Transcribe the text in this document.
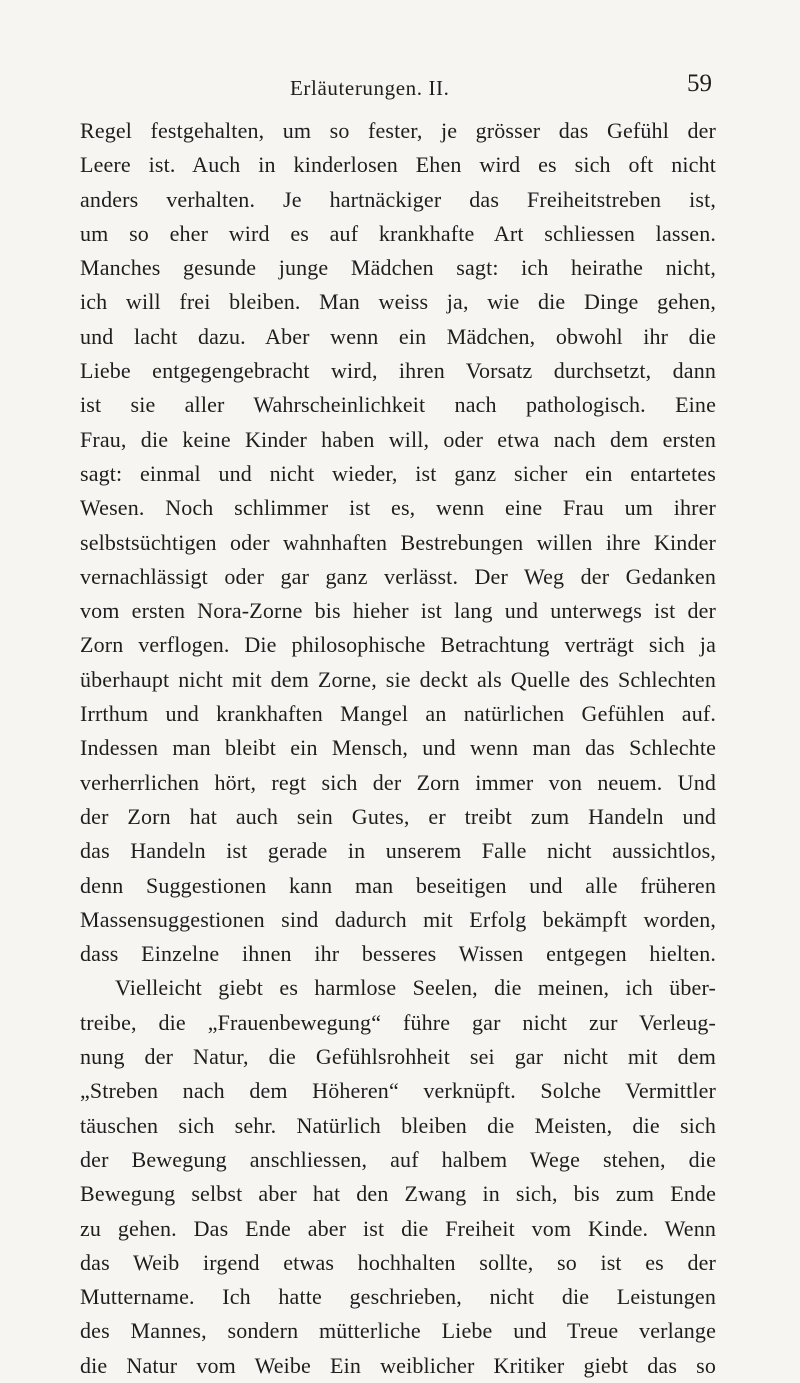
Erläuterungen. II.	59
Regel festgehalten, um so fester, je grösser das Gefühl der
Leere ist. Auch in kinderlosen Ehen wird es sich oft nicht
anders verhalten. Je hartnäckiger das Freiheitstreben ist,
um so eher wird es auf krankhafte Art schliessen lassen.
Manches gesunde junge Mädchen sagt: ich heirathe nicht,
ich will frei bleiben. Man weiss ja, wie die Dinge gehen,
und lacht dazu. Aber wenn ein Mädchen, obwohl ihr die
Liebe entgegengebracht wird, ihren Vorsatz durchsetzt, dann
ist sie aller Wahrscheinlichkeit nach pathologisch. Eine
Frau, die keine Kinder haben will, oder etwa nach dem ersten
sagt: einmal und nicht wieder, ist ganz sicher ein entartetes
Wesen. Noch schlimmer ist es, wenn eine Frau um ihrer
selbstsüchtigen oder wahnhaften Bestrebungen willen ihre Kinder
vernachlässigt oder gar ganz verlässt. Der Weg der Gedanken
vom ersten Nora-Zorne bis hieher ist lang und unterwegs ist der
Zorn verflogen. Die philosophische Betrachtung verträgt sich ja
überhaupt nicht mit dem Zorne, sie deckt als Quelle des Schlechten
Irrthum und krankhaften Mangel an natürlichen Gefühlen auf.
Indessen man bleibt ein Mensch, und wenn man das Schlechte
verherrlichen hört, regt sich der Zorn immer von neuem. Und
der Zorn hat auch sein Gutes, er treibt zum Handeln und
das Handeln ist gerade in unserem Falle nicht aussichtlos,
denn Suggestionen kann man beseitigen und alle früheren
Massensuggestionen sind dadurch mit Erfolg bekämpft worden,
dass Einzelne ihnen ihr besseres Wissen entgegen hielten.
Vielleicht giebt es harmlose Seelen, die meinen, ich über-
treibe, die „Frauenbewegung“ führe gar nicht zur Verleug-
nung der Natur, die Gefühlsrohheit sei gar nicht mit dem
„Streben nach dem Höheren“ verknüpft. Solche Vermittler
täuschen sich sehr. Natürlich bleiben die Meisten, die sich
der Bewegung anschliessen, auf halbem Wege stehen, die
Bewegung selbst aber hat den Zwang in sich, bis zum Ende
zu gehen. Das Ende aber ist die Freiheit vom Kinde. Wenn
das Weib irgend etwas hochhalten sollte, so ist es der
Muttername. Ich hatte geschrieben, nicht die Leistungen
des Mannes, sondern mütterliche Liebe und Treue verlange
die Natur vom Weibe Ein weiblicher Kritiker giebt das so
